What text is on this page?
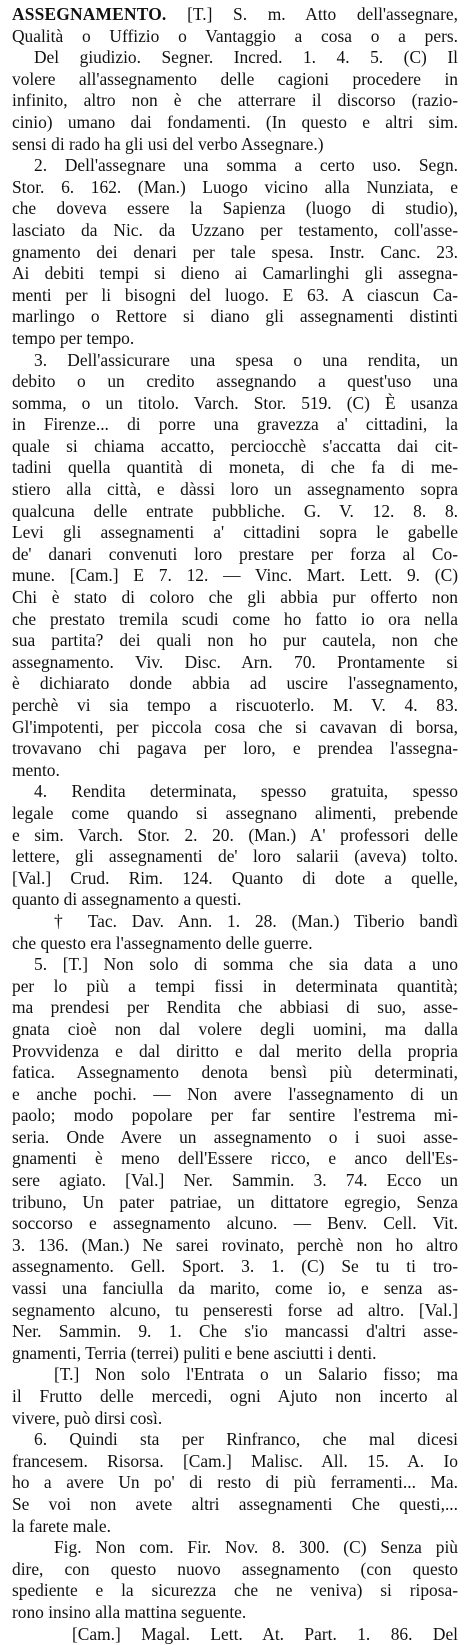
ASSEGNAMENTO. [T.] S. m. Atto dell'assegnare,
Qualità o Uffizio o Vantaggio a cosa o a pers.
Del giudizio. Segner. Incred. 1. 4. 5. (C) Il
volere all'assegnamento delle cagioni procedere in
infinito, altro non è che atterrare il discorso (razio-
cinio) umano dai fondamenti. (In questo e altri sim.
sensi di rado ha gli usi del verbo Assegnare.)
2. Dell'assegnare una somma a certo uso. Segn.
Stor. 6. 162. (Man.) Luogo vicino alla Nunziata, e
che doveva essere la Sapienza (luogo di studio),
lasciato da Nic. da Uzzano per testamento, coll'asse-
gnamento dei denari per tale spesa. Instr. Canc. 23.
Ai debiti tempi si dieno ai Camarlinghi gli assegna-
menti per li bisogni del luogo. E 63. A ciascun Ca-
marlingo o Rettore si diano gli assegnamenti distinti
tempo per tempo.
3. Dell'assicurare una spesa o una rendita, un
debito o un credito assegnando a quest'uso una
somma, o un titolo. Varch. Stor. 519. (C) È usanza
in Firenze... di porre una gravezza a' cittadini, la
quale si chiama accatto, perciocchè s'accatta dai cit-
tadini quella quantità di moneta, di che fa di me-
stiero alla città, e dàssi loro un assegnamento sopra
qualcuna delle entrate pubbliche. G. V. 12. 8. 8.
Levi gli assegnamenti a' cittadini sopra le gabelle
de' danari convenuti loro prestare per forza al Co-
mune. [Cam.] E 7. 12. — Vinc. Mart. Lett. 9. (C)
Chi è stato di coloro che gli abbia pur offerto non
che prestato tremila scudi come ho fatto io ora nella
sua partita? dei quali non ho pur cautela, non che
assegnamento. Viv. Disc. Arn. 70. Prontamente si
è dichiarato donde abbia ad uscire l'assegnamento,
perchè vi sia tempo a riscuoterlo. M. V. 4. 83.
Gl'impotenti, per piccola cosa che si cavavan di borsa,
trovavano chi pagava per loro, e prendea l'assegna-
mento.
4. Rendita determinata, spesso gratuita, spesso
legale come quando si assegnano alimenti, prebende
e sim. Varch. Stor. 2. 20. (Man.) A' professori delle
lettere, gli assegnamenti de' loro salarii (aveva) tolto.
[Val.] Crud. Rim. 124. Quanto di dote a quelle,
quanto di assegnamento a questi.
† Tac. Dav. Ann. 1. 28. (Man.) Tiberio bandì
che questo era l'assegnamento delle guerre.
5. [T.] Non solo di somma che sia data a uno
per lo più a tempi fissi in determinata quantità;
ma prendesi per Rendita che abbiasi di suo, asse-
gnata cioè non dal volere degli uomini, ma dalla
Provvidenza e dal diritto e dal merito della propria
fatica. Assegnamento denota bensì più determinati,
e anche pochi. — Non avere l'assegnamento di un
paolo; modo popolare per far sentire l'estrema mi-
seria. Onde Avere un assegnamento o i suoi asse-
gnamenti è meno dell'Essere ricco, e anco dell'Es-
sere agiato. [Val.] Ner. Sammin. 3. 74. Ecco un
tribuno, Un pater patriae, un dittatore egregio, Senza
soccorso e assegnamento alcuno. — Benv. Cell. Vit.
3. 136. (Man.) Ne sarei rovinato, perchè non ho altro
assegnamento. Gell. Sport. 3. 1. (C) Se tu ti tro-
vassi una fanciulla da marito, come io, e senza as-
segnamento alcuno, tu penseresti forse ad altro. [Val.]
Ner. Sammin. 9. 1. Che s'io mancassi d'altri asse-
gnamenti, Terria (terrei) puliti e bene asciutti i denti.
[T.] Non solo l'Entrata o un Salario fisso; ma
il Frutto delle mercedi, ogni Ajuto non incerto al
vivere, può dirsi così.
6. Quindi sta per Rinfranco, che mal dicesi
francesem. Risorsa. [Cam.] Malisc. All. 15. A. Io
ho a avere Un po' di resto di più ferramenti... Ma.
Se voi non avete altri assegnamenti Che questi,...
la farete male.
Fig. Non com. Fir. Nov. 8. 300. (C) Senza più
dire, con questo nuovo assegnamento (con questo
spediente e la sicurezza che ne veniva) si riposa-
rono insino alla mattina seguente.
[Cam.] Magal. Lett. At. Part. 1. 86. Del
